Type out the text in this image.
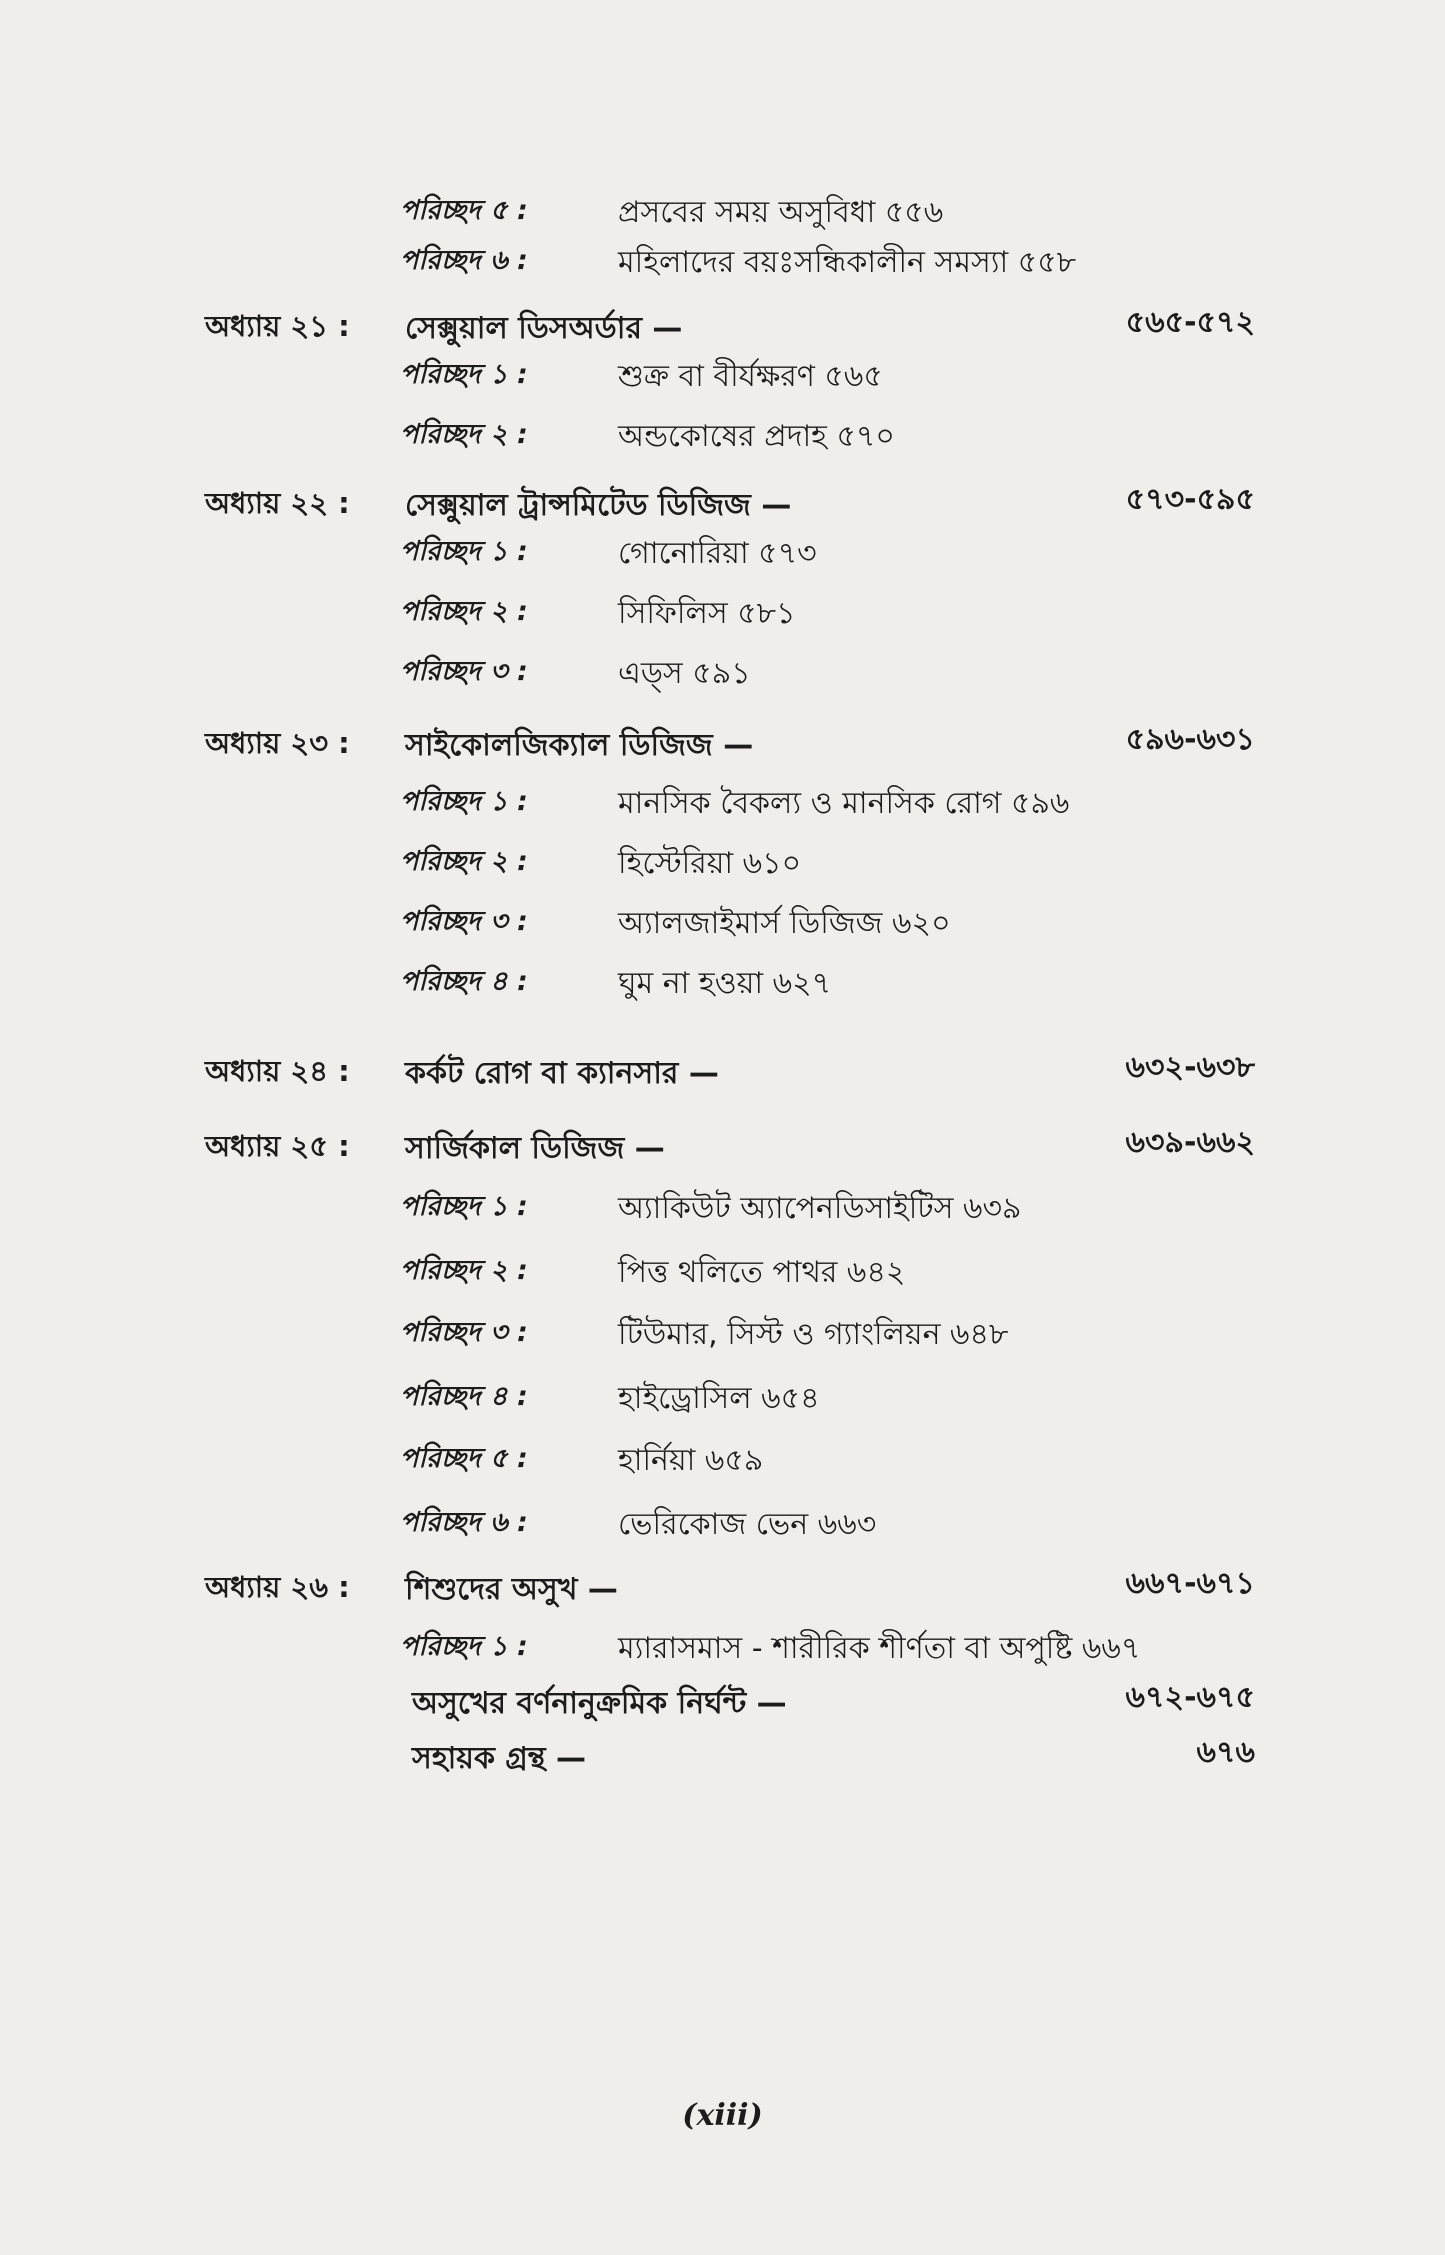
পরিচ্ছদ ৫ :	প্রসবের সময় অসুবিধা ৫৫৬
পরিচ্ছদ ৬ :	মহিলাদের বয়ঃসন্ধিকালীন সমস্যা ৫৫৮
অধ্যায় ২১ : সেক্সুয়াল ডিসঅর্ডার —	৫৬৫-৫৭২
পরিচ্ছদ ১ :	শুক্র বা বীর্যক্ষরণ ৫৬৫
পরিচ্ছদ ২ :	অন্ডকোষের প্রদাহ ৫৭০
অধ্যায় ২২ : সেক্সুয়াল ট্রান্সমিটেড ডিজিজ —	৫৭৩-৫৯৫
পরিচ্ছদ ১ :	গোনোরিয়া ৫৭৩
পরিচ্ছদ ২ :	সিফিলিস ৫৮১
পরিচ্ছদ ৩ :	এড্‌স ৫৯১
অধ্যায় ২৩ : সাইকোলজিক্যাল ডিজিজ —	৫৯৬-৬৩১
পরিচ্ছদ ১ :	মানসিক বৈকল্য ও মানসিক রোগ ৫৯৬
পরিচ্ছদ ২ :	হিস্টেরিয়া ৬১০
পরিচ্ছদ ৩ :	অ্যালজাইমার্স ডিজিজ ৬২০
পরিচ্ছদ ৪ :	ঘুম না হওয়া ৬২৭
অধ্যায় ২৪ : কর্কট রোগ বা ক্যানসার —	৬৩২-৬৩৮
অধ্যায় ২৫ : সার্জিকাল ডিজিজ —	৬৩৯-৬৬২
পরিচ্ছদ ১ :	অ্যাকিউট অ্যাপেনডিসাইটিস ৬৩৯
পরিচ্ছদ ২ :	পিত্ত থলিতে পাথর ৬৪২
পরিচ্ছদ ৩ :	টিউমার, সিস্ট ও গ্যাংলিয়ন ৬৪৮
পরিচ্ছদ ৪ :	হাইড্রোসিল ৬৫৪
পরিচ্ছদ ৫ :	হার্নিয়া ৬৫৯
পরিচ্ছদ ৬ :	ভেরিকোজ ভেন ৬৬৩
অধ্যায় ২৬ : শিশুদের অসুখ —	৬৬৭-৬৭১
পরিচ্ছদ ১ :	ম্যারাসমাস - শারীরিক শীর্ণতা বা অপুষ্টি ৬৬৭
অসুখের বর্ণনানুক্রমিক নির্ঘন্ট —	৬৭২-৬৭৫
সহায়ক গ্রন্থ —	৬৭৬
(xiii)
